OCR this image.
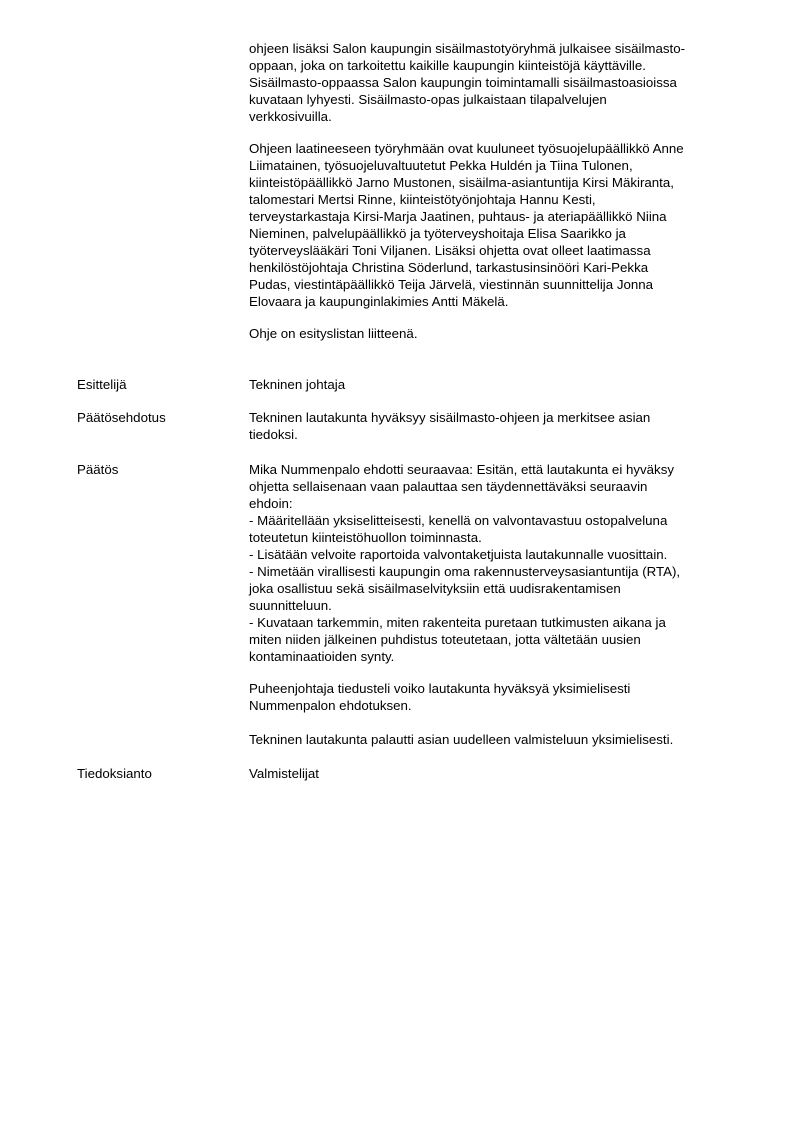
ohjeen lisäksi Salon kaupungin sisäilmastotyöryhmä julkaisee sisäilmasto-
oppaan, joka on tarkoitettu kaikille kaupungin kiinteistöjä käyttäville.
Sisäilmasto-oppaassa Salon kaupungin toimintamalli sisäilmastoasioissa
kuvataan lyhyesti. Sisäilmasto-opas julkaistaan tilapalvelujen
verkkosivuilla.
Ohjeen laatineeseen työryhmään ovat kuuluneet työsuojelupäällikkö Anne
Liimatainen, työsuojeluvaltuutetut Pekka Huldén ja Tiina Tulonen,
kiinteistöpäällikkö Jarno Mustonen, sisäilma-asiantuntija Kirsi Mäkiranta,
talomestari Mertsi Rinne, kiinteistötyönjohtaja Hannu Kesti,
terveystarkastaja Kirsi-Marja Jaatinen, puhtaus- ja ateriapäällikkö Niina
Nieminen, palvelupäällikkö ja työterveyshoitaja Elisa Saarikko ja
työterveyslääkäri Toni Viljanen. Lisäksi ohjetta ovat olleet laatimassa
henkilöstöjohtaja Christina Söderlund, tarkastusinsinööri Kari-Pekka
Pudas, viestintäpäällikkö Teija Järvelä, viestinnän suunnittelija Jonna
Elovaara ja kaupunginlakimies Antti Mäkelä.
Ohje on esityslistan liitteenä.
Esittelijä	Tekninen johtaja
Päätösehdotus	Tekninen lautakunta hyväksyy sisäilmasto-ohjeen ja merkitsee asian
tiedoksi.
Päätös	Mika Nummenpalo ehdotti seuraavaa: Esitän, että lautakunta ei hyväksy
ohjetta sellaisenaan vaan palauttaa sen täydennettäväksi seuraavin
ehdoin:
- Määritellään yksiselitteisesti, kenellä on valvontavastuu ostopalveluna
toteutetun kiinteistöhuollon toiminnasta.
- Lisätään velvoite raportoida valvontaketjuista lautakunnalle vuosittain.
- Nimetään virallisesti kaupungin oma rakennusterveysasiantuntija (RTA),
joka osallistuu sekä sisäilmaselvityksiin että uudisrakentamisen
suunnitteluun.
- Kuvataan tarkemmin, miten rakenteita puretaan tutkimusten aikana ja
miten niiden jälkeinen puhdistus toteutetaan, jotta vältetään uusien
kontaminaatioiden synty.
Puheenjohtaja tiedusteli voiko lautakunta hyväksyä yksimielisesti
Nummenpalon ehdotuksen.
Tekninen lautakunta palautti asian uudelleen valmisteluun yksimielisesti.
Tiedoksianto	Valmistelijat
